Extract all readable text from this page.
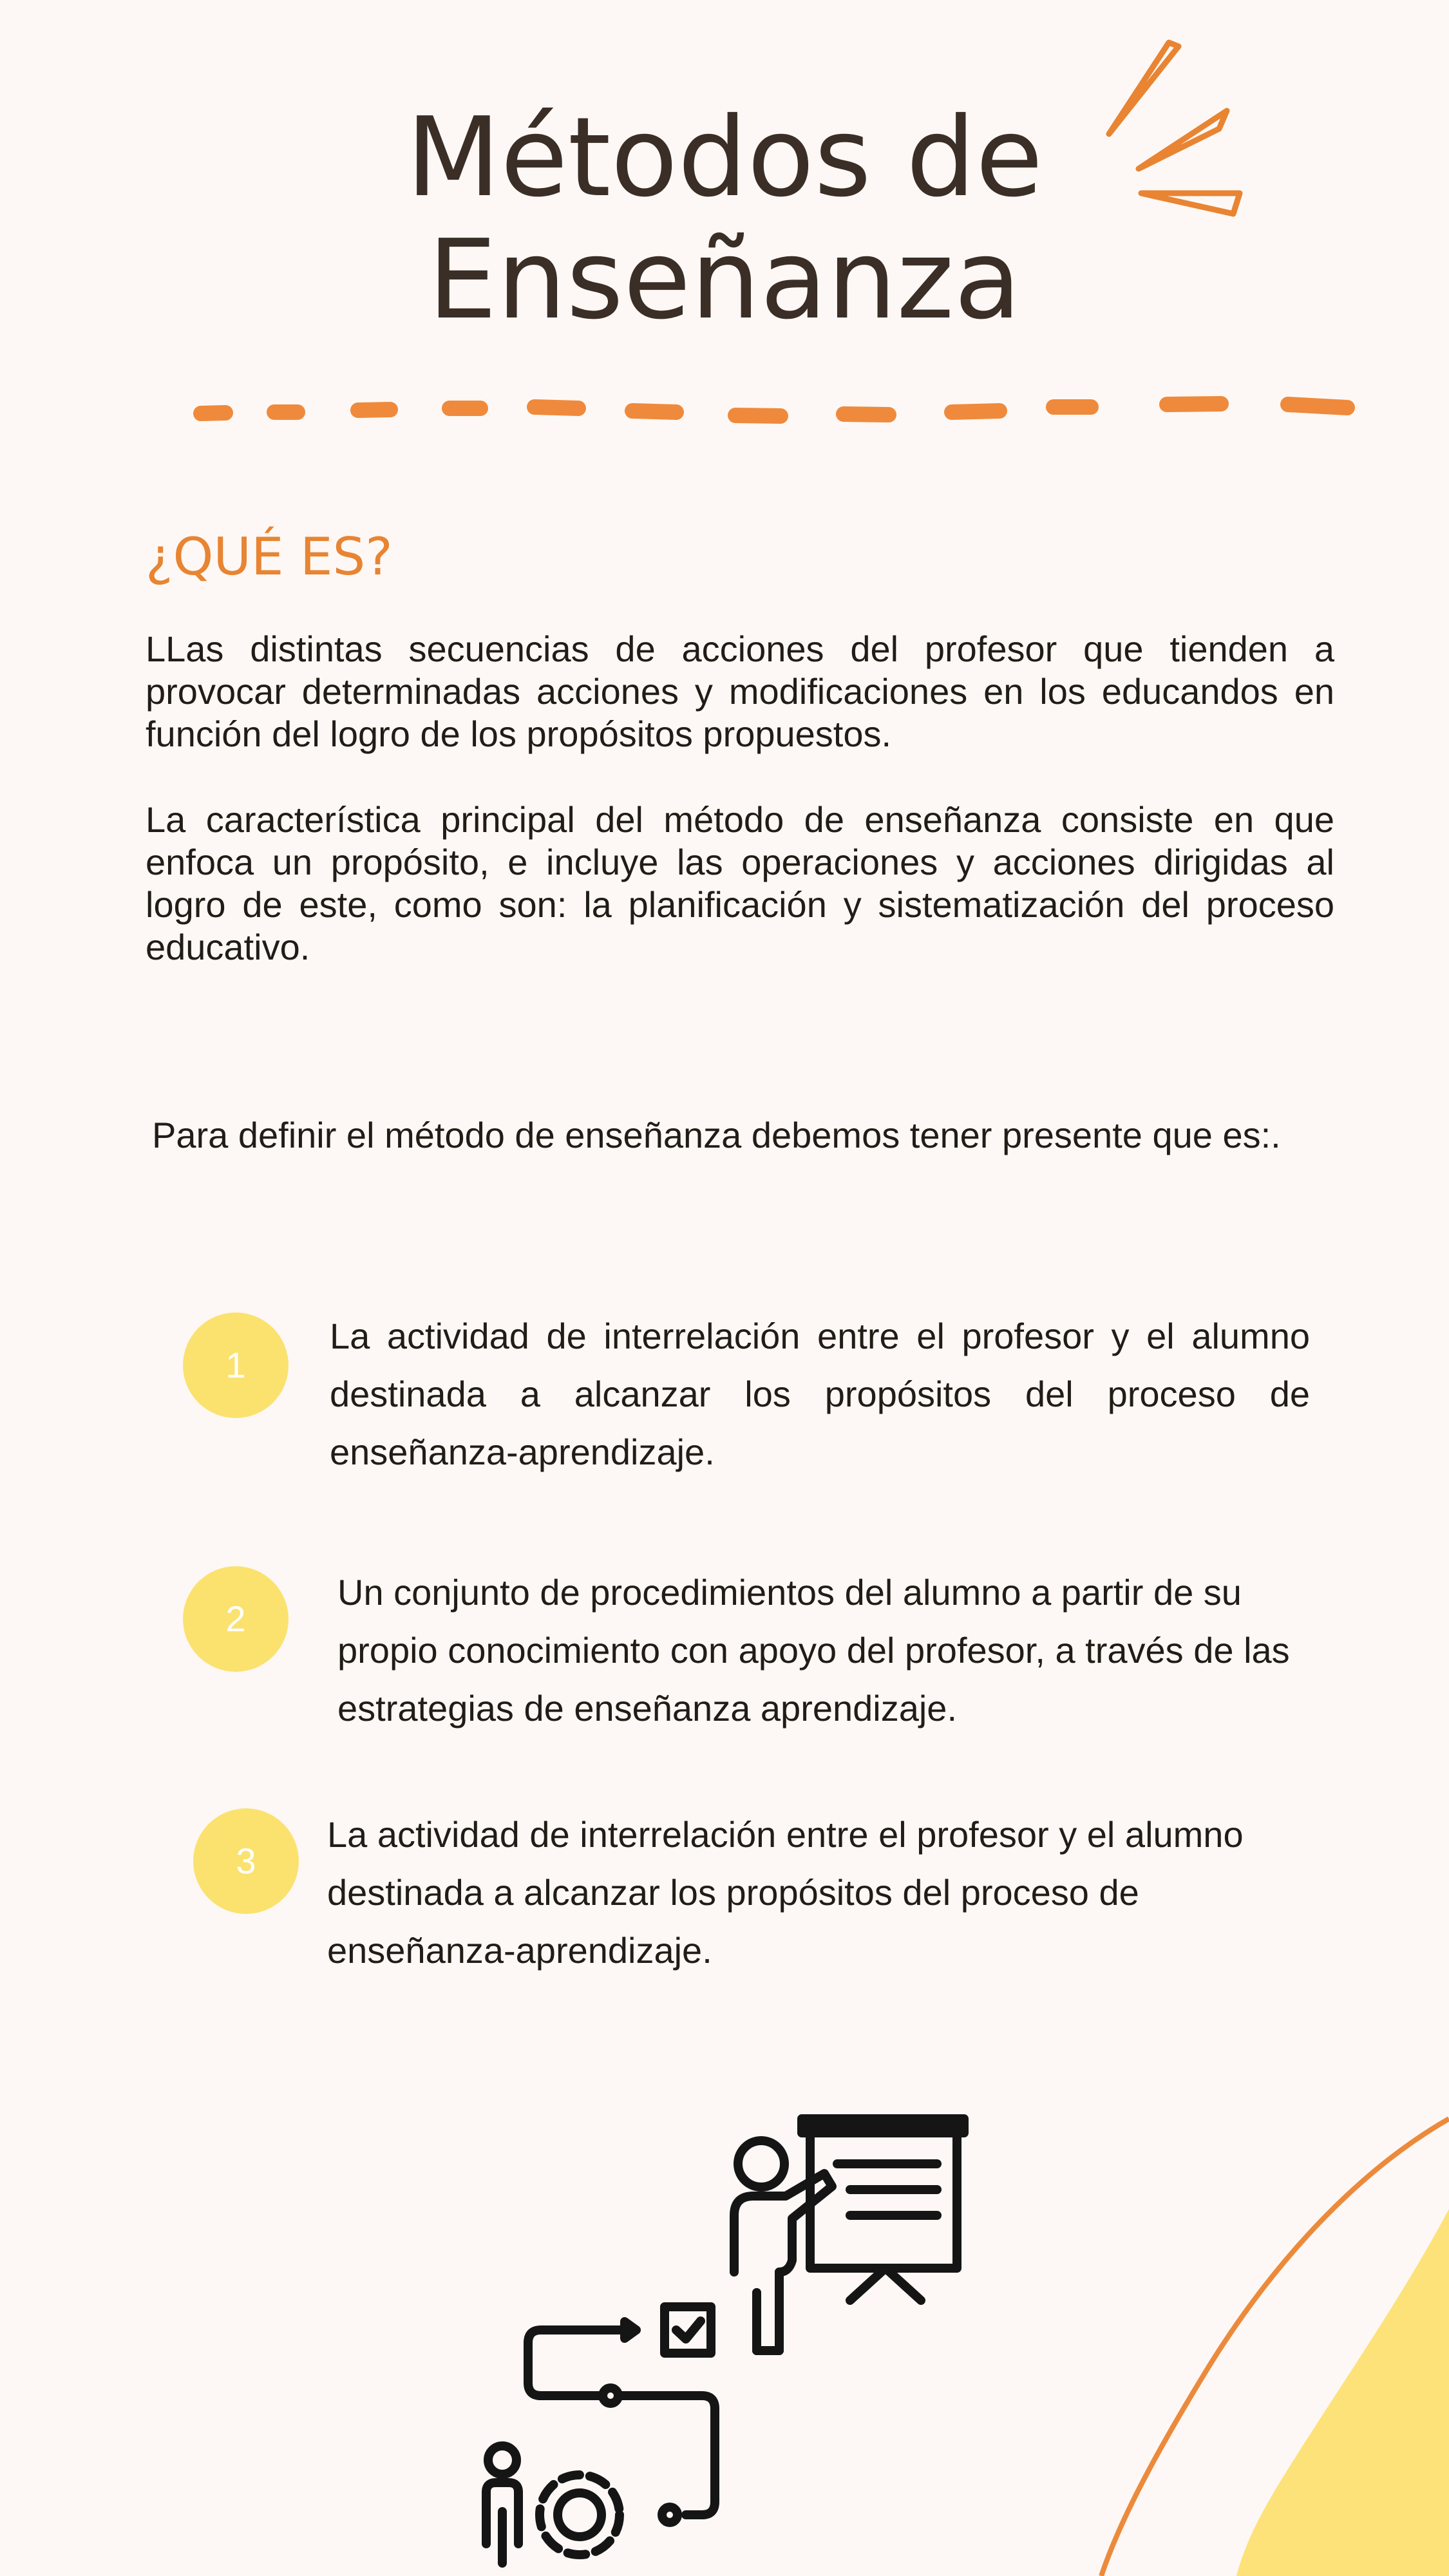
Métodos de
Enseñanza
¿QUÉ ES?

LLas distintas secuencias de acciones del profesor que tienden a provocar determinadas acciones y modificaciones en los educandos en función del logro de los propósitos propuestos.

La característica principal del método de enseñanza consiste en que enfoca un propósito, e incluye las operaciones y acciones dirigidas al logro de este, como son: la planificación y sistematización del proceso educativo.

Para definir el método de enseñanza debemos tener presente que es:.

1

La actividad de interrelación entre el profesor y el alumno destinada a alcanzar los propósitos del proceso de enseñanza-aprendizaje.

2

Un conjunto de procedimientos del alumno a partir de su propio conocimiento con apoyo del profesor, a través de las estrategias de enseñanza aprendizaje.

3

La actividad de interrelación entre el profesor y el alumno destinada a alcanzar los propósitos del proceso de enseñanza-aprendizaje.
